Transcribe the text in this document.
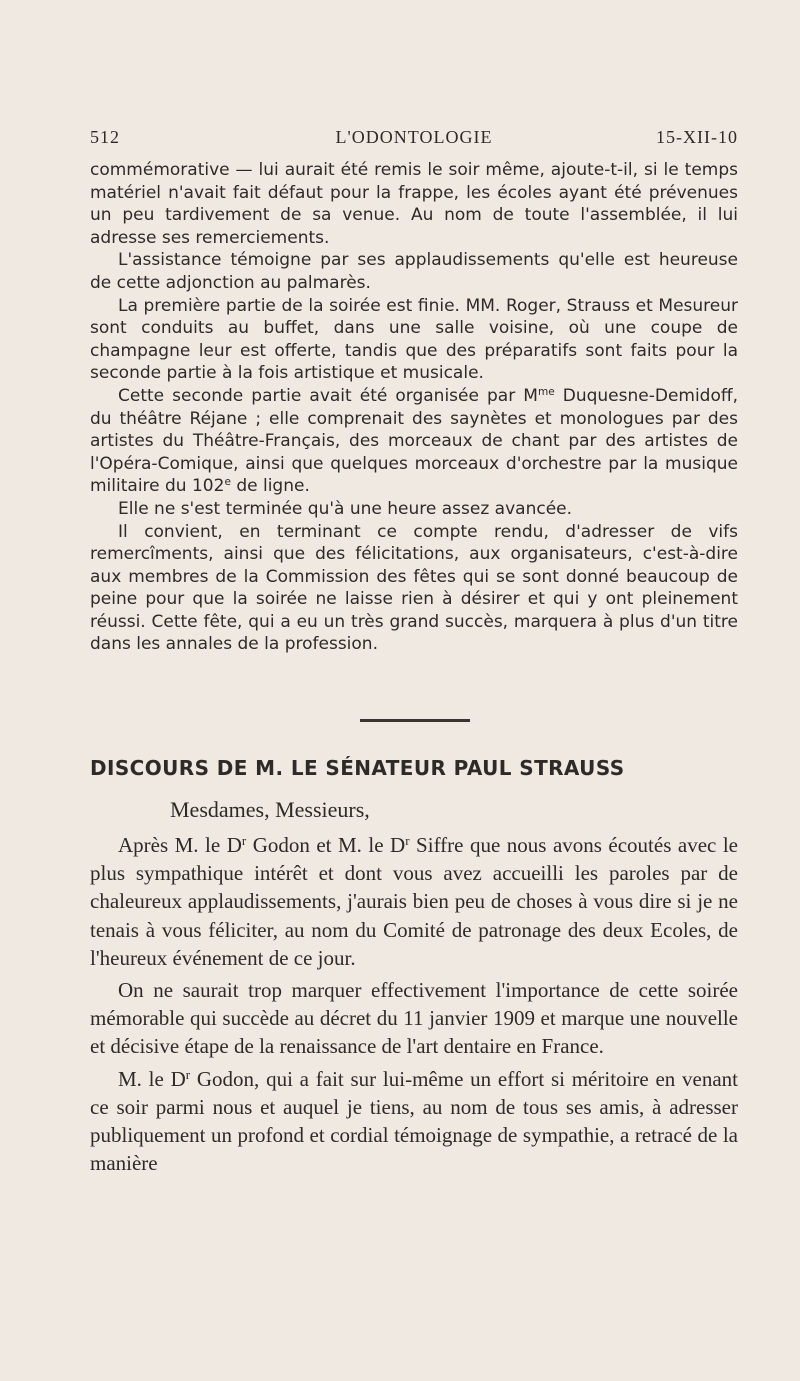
512	L'ODONTOLOGIE	15-XII-10

commémorative — lui aurait été remis le soir même, ajoute-t-il, si le temps matériel n'avait fait défaut pour la frappe, les écoles ayant été prévenues un peu tardivement de sa venue. Au nom de toute l'assemblée, il lui adresse ses remerciements.

L'assistance témoigne par ses applaudissements qu'elle est heureuse de cette adjonction au palmarès.

La première partie de la soirée est finie. MM. Roger, Strauss et Mesureur sont conduits au buffet, dans une salle voisine, où une coupe de champagne leur est offerte, tandis que des préparatifs sont faits pour la seconde partie à la fois artistique et musicale.

Cette seconde partie avait été organisée par $M^{me}$ Duquesne-Demidoff, du théâtre Réjane ; elle comprenait des saynètes et monologues par des artistes du Théâtre-Français, des morceaux de chant par des artistes de l'Opéra-Comique, ainsi que quelques morceaux d'orchestre par la musique militaire du 102e de ligne.

Elle ne s'est terminée qu'à une heure assez avancée.

Il convient, en terminant ce compte rendu, d'adresser de vifs remercîments, ainsi que des félicitations, aux organisateurs, c'est-à-dire aux membres de la Commission des fêtes qui se sont donné beaucoup de peine pour que la soirée ne laisse rien à désirer et qui y ont pleinement réussi. Cette fête, qui a eu un très grand succès, marquera à plus d'un titre dans les annales de la profession.

DISCOURS DE M. LE SÉNATEUR PAUL STRAUSS
Mesdames, Messieurs,

Après M. le $D^r$ Godon et M. le $D^r$ Siffre que nous avons écoutés avec le plus sympathique intérêt et dont vous avez accueilli les paroles par de chaleureux applaudissements, j'aurais bien peu de choses à vous dire si je ne tenais à vous féliciter, au nom du Comité de patronage des deux Ecoles, de l'heureux événement de ce jour.

On ne saurait trop marquer effectivement l'importance de cette soirée mémorable qui succède au décret du 11 janvier 1909 et marque une nouvelle et décisive étape de la renaissance de l'art dentaire en France.

M. le $D^r$ Godon, qui a fait sur lui-même un effort si méritoire en venant ce soir parmi nous et auquel je tiens, au nom de tous ses amis, à adresser publiquement un profond et cordial témoignage de sympathie, a retracé de la manière
